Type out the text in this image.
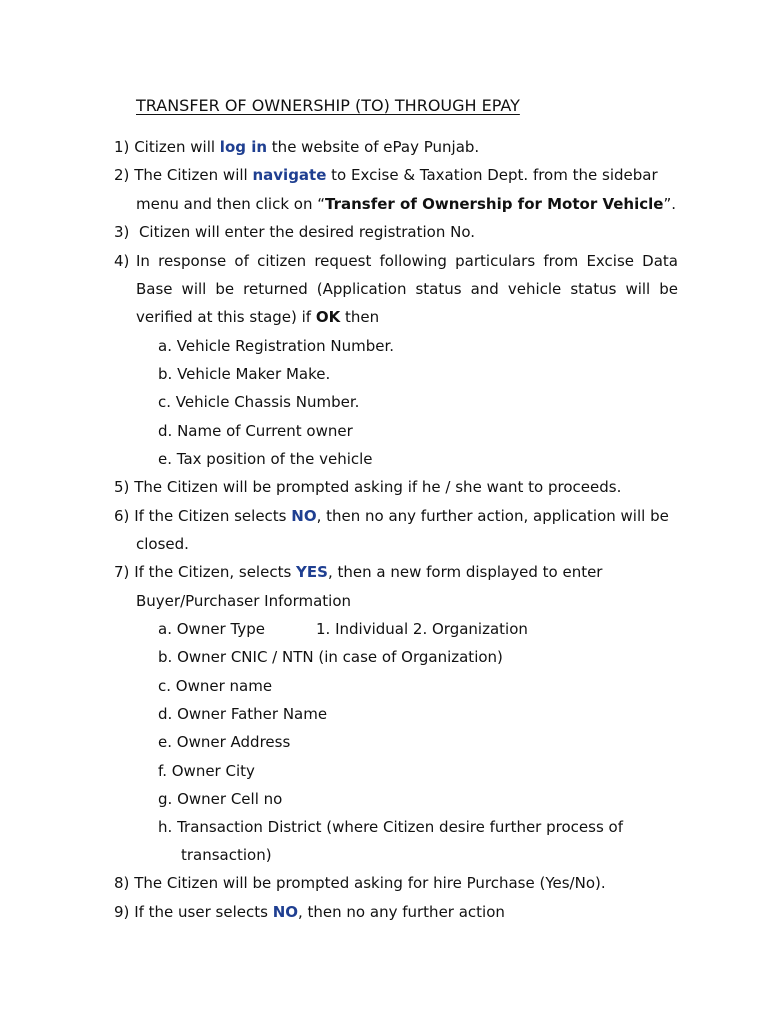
TRANSFER OF OWNERSHIP (TO) THROUGH EPAY
1) Citizen will log in the website of ePay Punjab.
2) The Citizen will navigate to Excise & Taxation Dept. from the sidebar
menu and then click on “Transfer of Ownership for Motor Vehicle”.
3)  Citizen will enter the desired registration No.
4) In response of citizen request following particulars from Excise Data
Base will be returned (Application status and vehicle status will be
verified at this stage) if OK then
a. Vehicle Registration Number.
b. Vehicle Maker Make.
c. Vehicle Chassis Number.
d. Name of Current owner
e. Tax position of the vehicle
5) The Citizen will be prompted asking if he / she want to proceeds.
6) If the Citizen selects NO, then no any further action, application will be
closed.
7) If the Citizen, selects YES, then a new form displayed to enter
Buyer/Purchaser Information
a. Owner Type	1. Individual 2. Organization
b. Owner CNIC / NTN (in case of Organization)
c. Owner name
d. Owner Father Name
e. Owner Address
f. Owner City
g. Owner Cell no
h. Transaction District (where Citizen desire further process of
transaction)
8) The Citizen will be prompted asking for hire Purchase (Yes/No).
9) If the user selects NO, then no any further action
